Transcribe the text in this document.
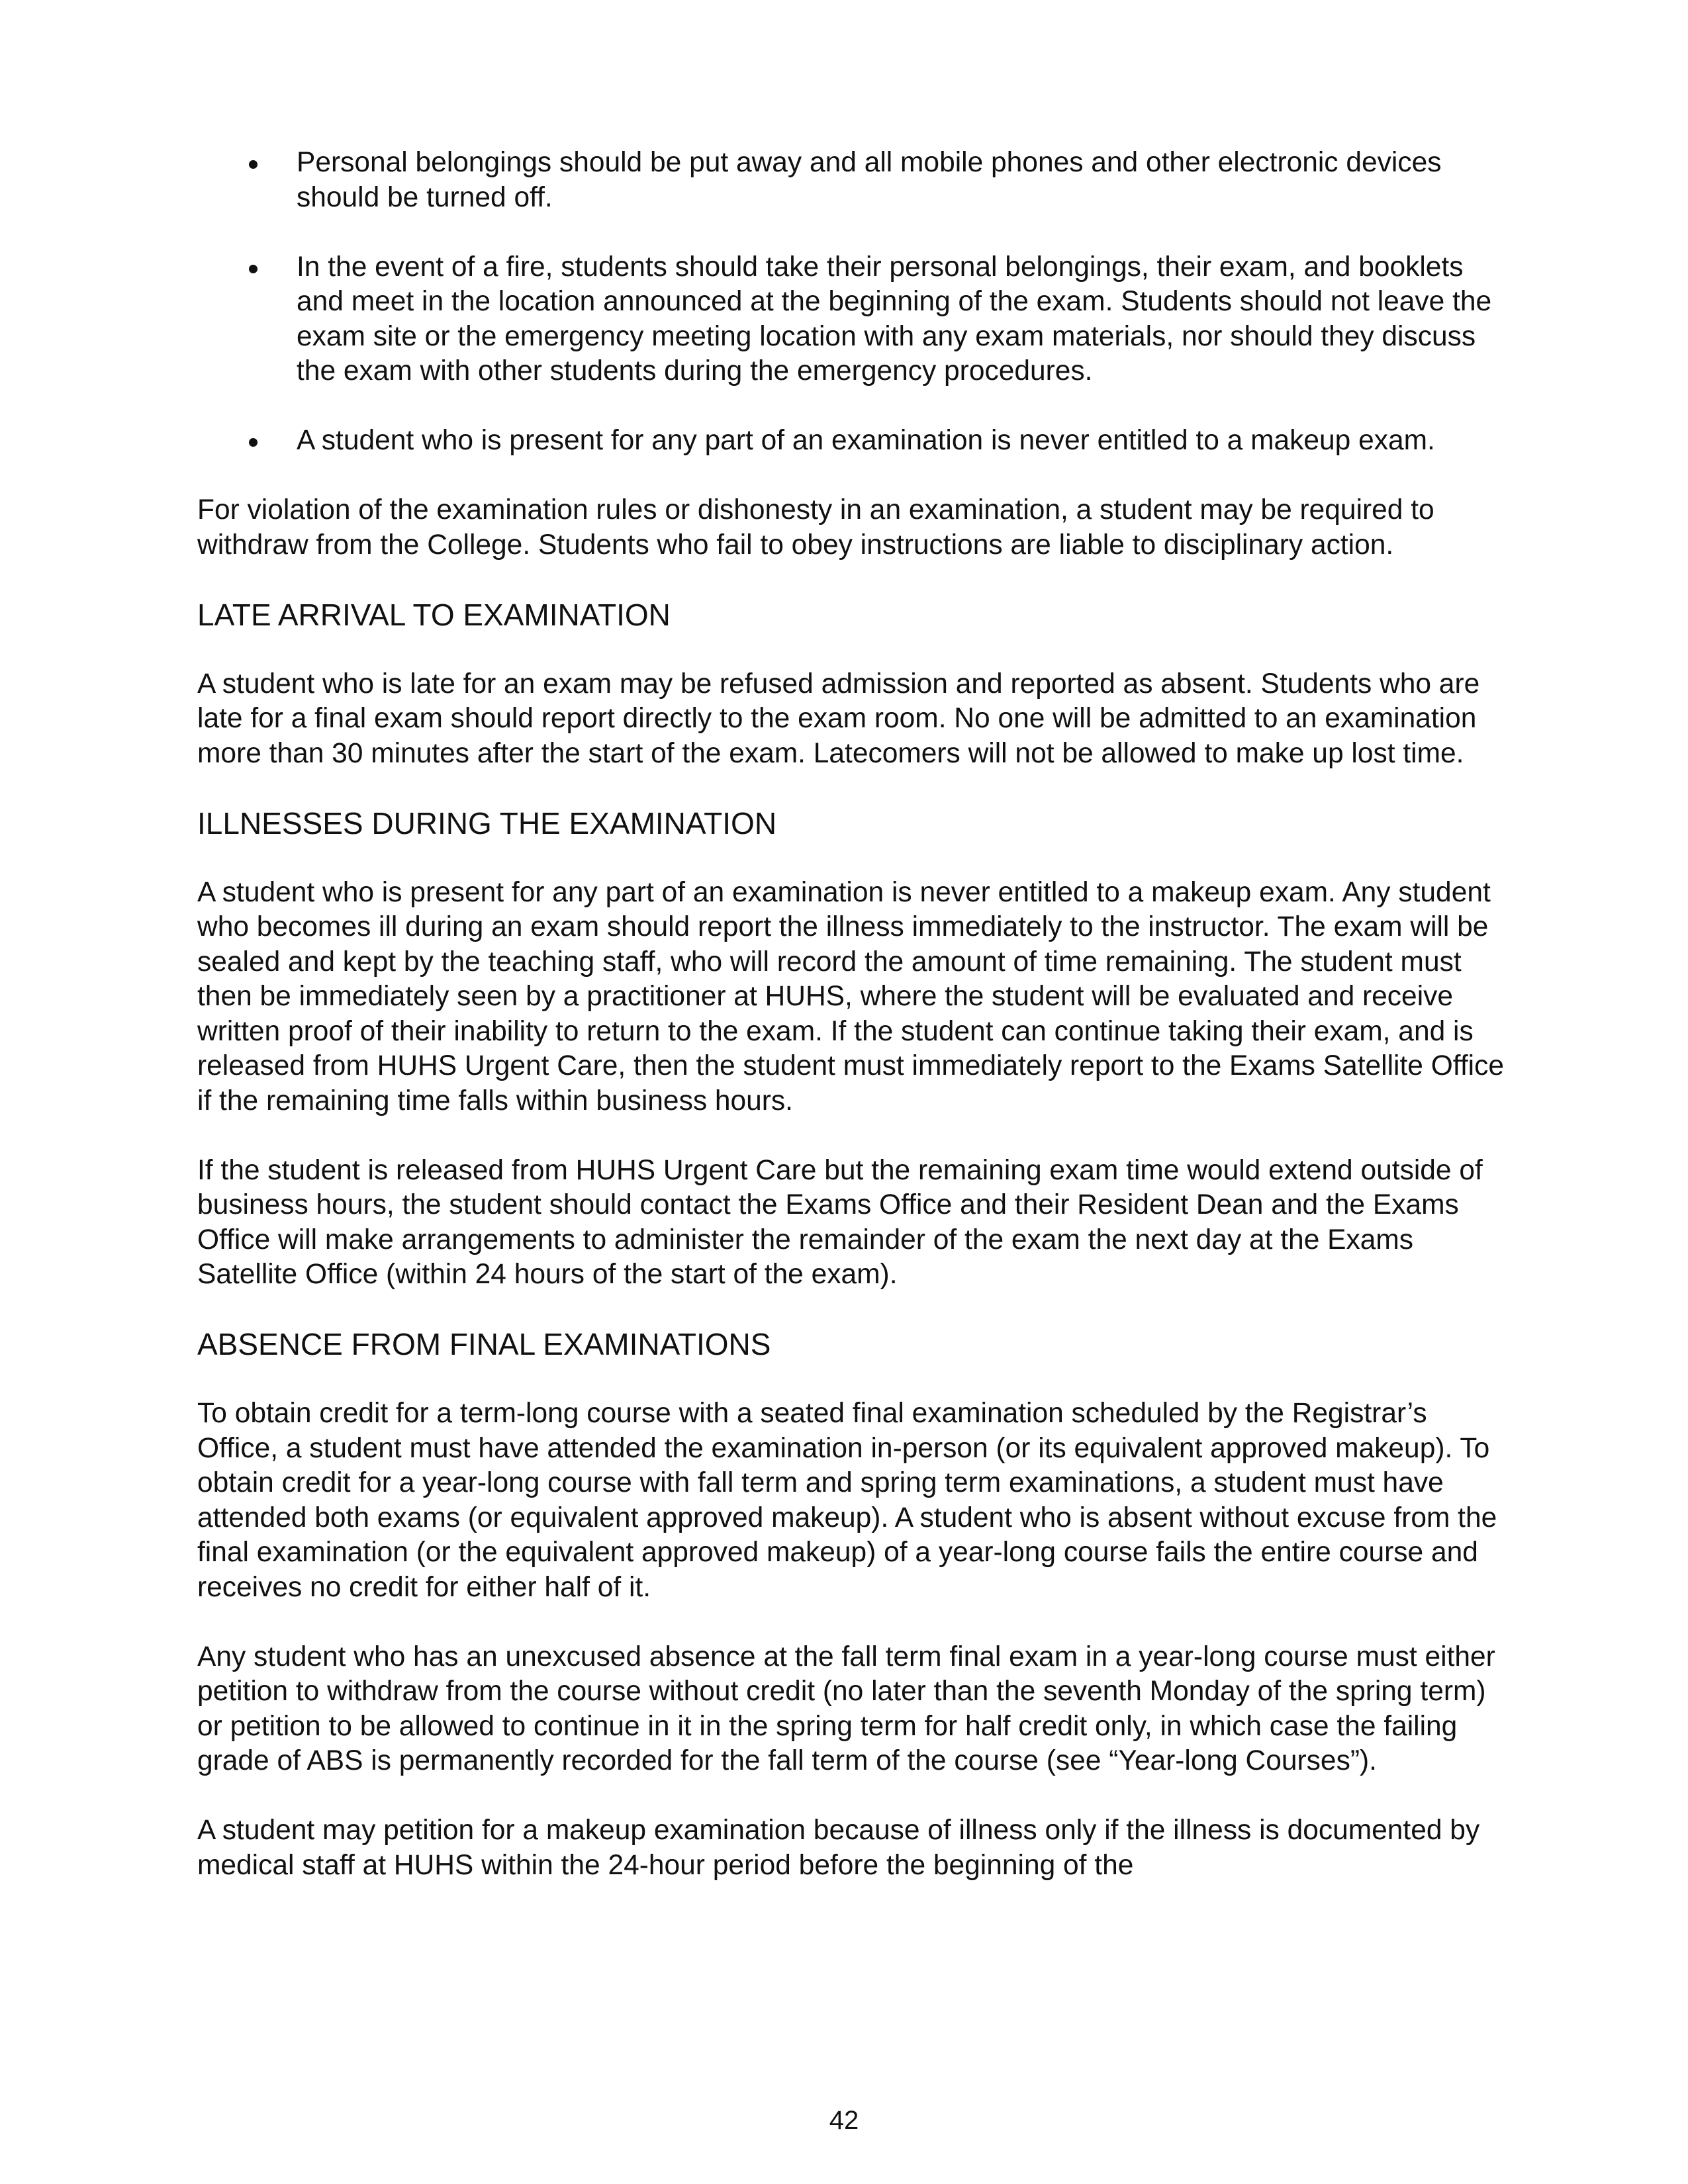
Personal belongings should be put away and all mobile phones and other electronic devices should be turned off.
In the event of a fire, students should take their personal belongings, their exam, and booklets and meet in the location announced at the beginning of the exam. Students should not leave the exam site or the emergency meeting location with any exam materials, nor should they discuss the exam with other students during the emergency procedures.
A student who is present for any part of an examination is never entitled to a makeup exam.

For violation of the examination rules or dishonesty in an examination, a student may be required to withdraw from the College. Students who fail to obey instructions are liable to disciplinary action.

LATE ARRIVAL TO EXAMINATION

A student who is late for an exam may be refused admission and reported as absent. Students who are late for a final exam should report directly to the exam room. No one will be admitted to an examination more than 30 minutes after the start of the exam. Latecomers will not be allowed to make up lost time.

ILLNESSES DURING THE EXAMINATION

A student who is present for any part of an examination is never entitled to a makeup exam. Any student who becomes ill during an exam should report the illness immediately to the instructor. The exam will be sealed and kept by the teaching staff, who will record the amount of time remaining. The student must then be immediately seen by a practitioner at HUHS, where the student will be evaluated and receive written proof of their inability to return to the exam. If the student can continue taking their exam, and is released from HUHS Urgent Care, then the student must immediately report to the Exams Satellite Office if the remaining time falls within business hours.

If the student is released from HUHS Urgent Care but the remaining exam time would extend outside of business hours, the student should contact the Exams Office and their Resident Dean and the Exams Office will make arrangements to administer the remainder of the exam the next day at the Exams Satellite Office (within 24 hours of the start of the exam).

ABSENCE FROM FINAL EXAMINATIONS

To obtain credit for a term-long course with a seated final examination scheduled by the Registrar’s Office, a student must have attended the examination in-person (or its equivalent approved makeup). To obtain credit for a year-long course with fall term and spring term examinations, a student must have attended both exams (or equivalent approved makeup). A student who is absent without excuse from the final examination (or the equivalent approved makeup) of a year-long course fails the entire course and receives no credit for either half of it.

Any student who has an unexcused absence at the fall term final exam in a year-long course must either petition to withdraw from the course without credit (no later than the seventh Monday of the spring term) or petition to be allowed to continue in it in the spring term for half credit only, in which case the failing grade of ABS is permanently recorded for the fall term of the course (see “Year-long Courses”).

A student may petition for a makeup examination because of illness only if the illness is documented by medical staff at HUHS within the 24-hour period before the beginning of the

42
